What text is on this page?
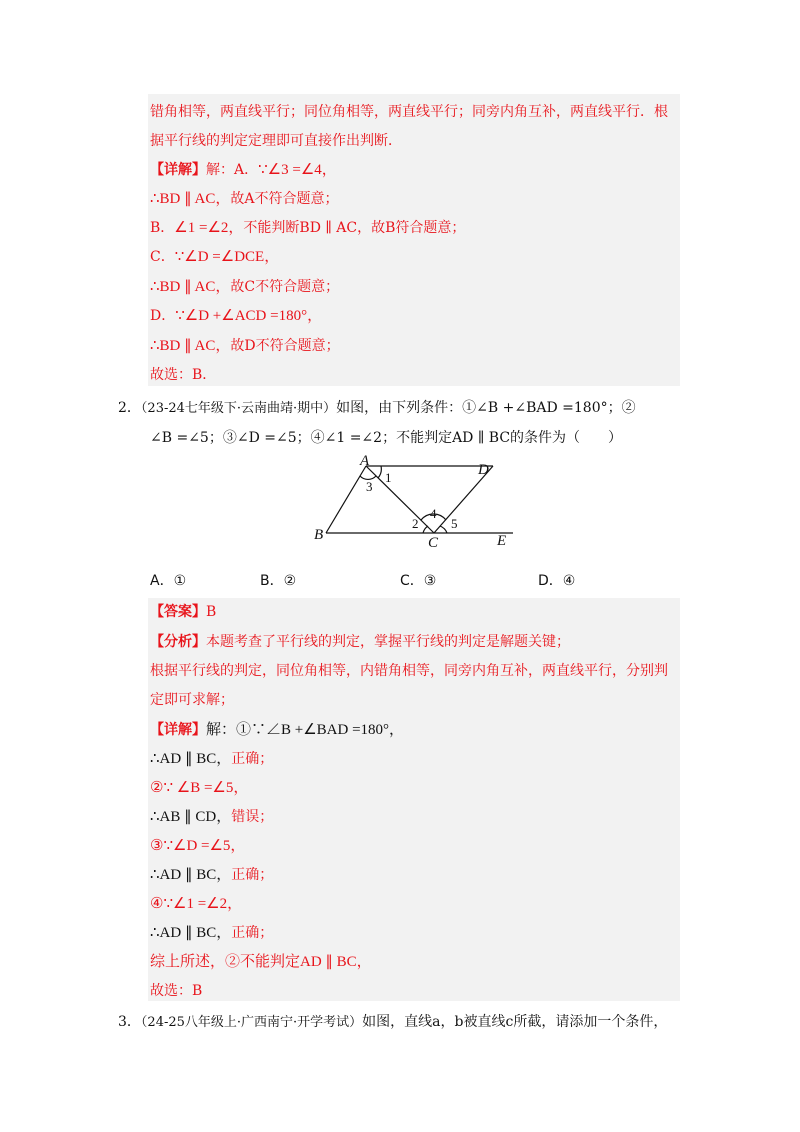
错角相等，两直线平行；同位角相等，两直线平行；同旁内角互补，两直线平行．根
据平行线的判定定理即可直接作出判断．
【详解】解：A．∵∠3 =∠4，
∴BD ∥ AC，故A不符合题意；
B．∠1 =∠2，不能判断BD ∥ AC，故B符合题意；
C．∵∠D =∠DCE，
∴BD ∥ AC，故C不符合题意；
D．∵∠D +∠ACD =180°，
∴BD ∥ AC，故D不符合题意；
故选：B．
2．（23-24七年级下·云南曲靖·期中）如图，由下列条件：①∠B +∠BAD =180°；②
∠B =∠5；③∠D =∠5；④∠1 =∠2；不能判定AD ∥ BC的条件为（　　）
A
D
B	C	E
1
3
4
2	5
A．①	B．②	C．③	D．④
【答案】B
【分析】本题考查了平行线的判定，掌握平行线的判定是解题关键；
根据平行线的判定，同位角相等，内错角相等，同旁内角互补，两直线平行，分别判
定即可求解；
【详解】解：①∵∠B +∠BAD =180°，
∴AD ∥ BC，正确；
②∵ ∠B =∠5，
∴AB ∥ CD，错误；
③∵∠D =∠5，
∴AD ∥ BC，正确；
④∵∠1 =∠2，
∴AD ∥ BC，正确；
综上所述，②不能判定AD ∥ BC，
故选：B
3．（24-25八年级上·广西南宁·开学考试）如图，直线a，b被直线c所截，请添加一个条件，
